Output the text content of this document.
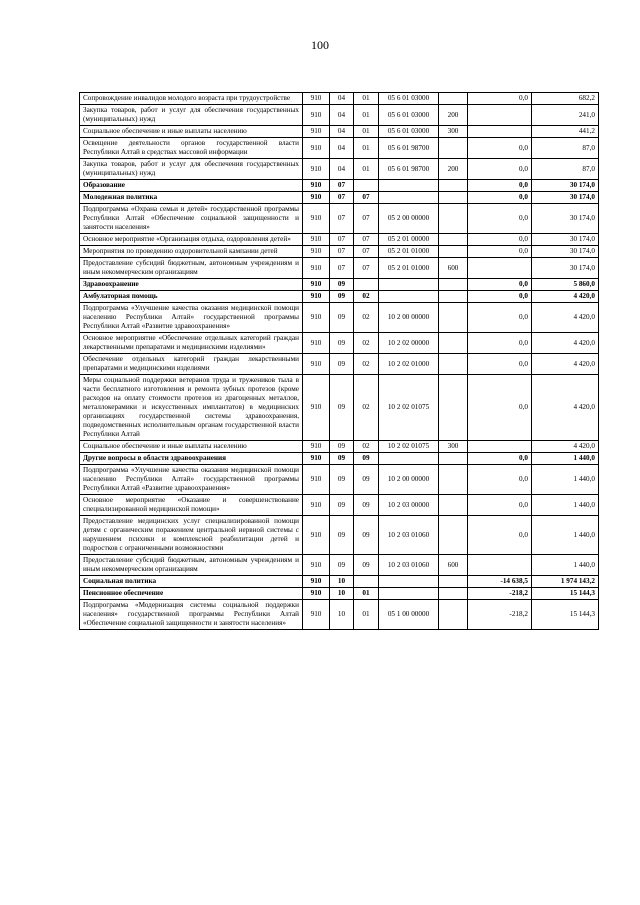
100
Сопровождение инвалидов молодого возраста при трудоустройстве	910	04	01	05 6 01 03000		0,0	682,2
Закупка товаров, работ и услуг для обеспечения государственных (муниципальных) нужд	910	04	01	05 6 01 03000	200		241,0
Социальное обеспечение и иные выплаты населению	910	04	01	05 6 01 03000	300		441,2
Освещение деятельности органов государственной власти Республики Алтай в средствах массовой информации	910	04	01	05 6 01 98700		0,0	87,0
Закупка товаров, работ и услуг для обеспечения государственных (муниципальных) нужд	910	04	01	05 6 01 98700	200	0,0	87,0
Образование	910	07				0,0	30 174,0
Молодежная политика	910	07	07			0,0	30 174,0
Подпрограмма «Охрана семьи и детей» государственной программы Республики Алтай «Обеспечение социальной защищенности и занятости населения»	910	07	07	05 2 00 00000		0,0	30 174,0
Основное мероприятие «Организация отдыха, оздоровления детей»	910	07	07	05 2 01 00000		0,0	30 174,0
Мероприятия по проведению оздоровительной кампании детей	910	07	07	05 2 01 01000		0,0	30 174,0
Предоставление субсидий бюджетным, автономным учреждениям и иным некоммерческим организациям	910	07	07	05 2 01 01000	600		30 174,0
Здравоохранение	910	09				0,0	5 860,0
Амбулаторная помощь	910	09	02			0,0	4 420,0
Подпрограмма «Улучшение качества оказания медицинской помощи населению Республики Алтай» государственной программы Республики Алтай «Развитие здравоохранения»	910	09	02	10 2 00 00000		0,0	4 420,0
Основное мероприятие «Обеспечение отдельных категорий граждан лекарственными препаратами и медицинскими изделиями»	910	09	02	10 2 02 00000		0,0	4 420,0
Обеспечение отдельных категорий граждан лекарственными препаратами и медицинскими изделиями	910	09	02	10 2 02 01000		0,0	4 420,0
Меры социальной поддержки ветеранов труда и тружеников тыла в части бесплатного изготовления и ремонта зубных протезов (кроме расходов на оплату стоимости протезов из драгоценных металлов, металлокерамики и искусственных имплантатов) в медицинских организациях государственной системы здравоохранения, подведомственных исполнительным органам государственной власти Республики Алтай	910	09	02	10 2 02 01075		0,0	4 420,0
Социальное обеспечение и иные выплаты населению	910	09	02	10 2 02 01075	300		4 420,0
Другие вопросы в области здравоохранения	910	09	09			0,0	1 440,0
Подпрограмма «Улучшение качества оказания медицинской помощи населению Республики Алтай» государственной программы Республики Алтай «Развитие здравоохранения»	910	09	09	10 2 00 00000		0,0	1 440,0
Основное мероприятие «Оказание и совершенствование специализированной медицинской помощи»	910	09	09	10 2 03 00000		0,0	1 440,0
Предоставление медицинских услуг специализированной помощи детям с органическим поражением центральной нервной системы с нарушением психики и комплексной реабилитации детей и подростков с ограниченными возможностями	910	09	09	10 2 03 01060		0,0	1 440,0
Предоставление субсидий бюджетным, автономным учреждениям и иным некоммерческим организациям	910	09	09	10 2 03 01060	600		1 440,0
Социальная политика	910	10				-14 638,5	1 974 143,2
Пенсионное обеспечение	910	10	01			-218,2	15 144,3
Подпрограмма «Модернизация системы социальной поддержки населения» государственной программы Республики Алтай «Обеспечение социальной защищенности и занятости населения»	910	10	01	05 1 00 00000		-218,2	15 144,3
